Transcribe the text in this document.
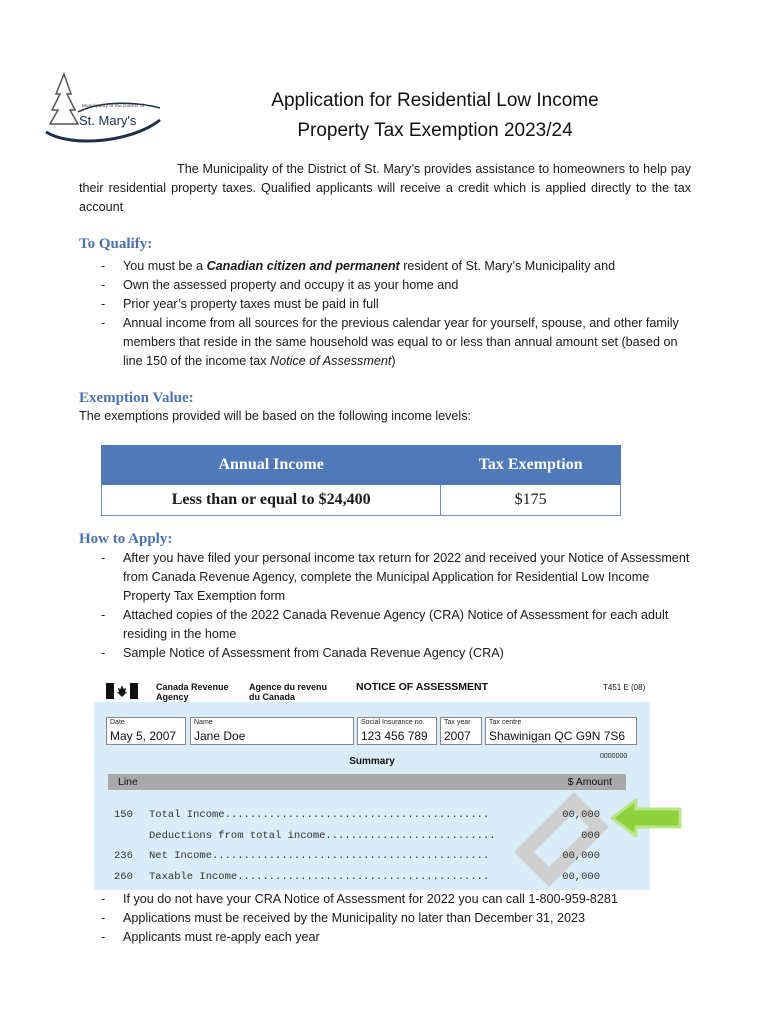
Municipality of the District of
St. Mary's
Application for Residential Low Income
Property Tax Exemption 2023/24
The Municipality of the District of St. Mary’s provides assistance to homeowners to help pay their residential property taxes. Qualified applicants will receive a credit which is applied directly to the tax account
To Qualify:
- You must be a Canadian citizen and permanent resident of St. Mary’s Municipality and
- Own the assessed property and occupy it as your home and
- Prior year’s property taxes must be paid in full
- Annual income from all sources for the previous calendar year for yourself, spouse, and other family members that reside in the same household was equal to or less than annual amount set (based on line 150 of the income tax Notice of Assessment)
Exemption Value:
The exemptions provided will be based on the following income levels:
Annual Income	Tax Exemption
Less than or equal to $24,400	$175
How to Apply:
- After you have filed your personal income tax return for 2022 and received your Notice of Assessment from Canada Revenue Agency, complete the Municipal Application for Residential Low Income Property Tax Exemption form
- Attached copies of the 2022 Canada Revenue Agency (CRA) Notice of Assessment for each adult residing in the home
- Sample Notice of Assessment from Canada Revenue Agency (CRA)
Canada Revenue
Agency
Agence du revenu
du Canada
NOTICE OF ASSESSMENT	T451 E (08)
Date
May 5, 2007
Name
Jane Doe
Social Insurance no.
123 456 789
Tax year
2007
Tax centre
Shawinigan QC G9N 7S6
0000000
Summary
Line	$ Amount
150 Total Income..........................................	00,000
Deductions from total income...........................	000
236 Net Income............................................	00,000
260 Taxable Income........................................	00,000
- If you do not have your CRA Notice of Assessment for 2022 you can call 1-800-959-8281
- Applications must be received by the Municipality no later than December 31, 2023
- Applicants must re-apply each year
